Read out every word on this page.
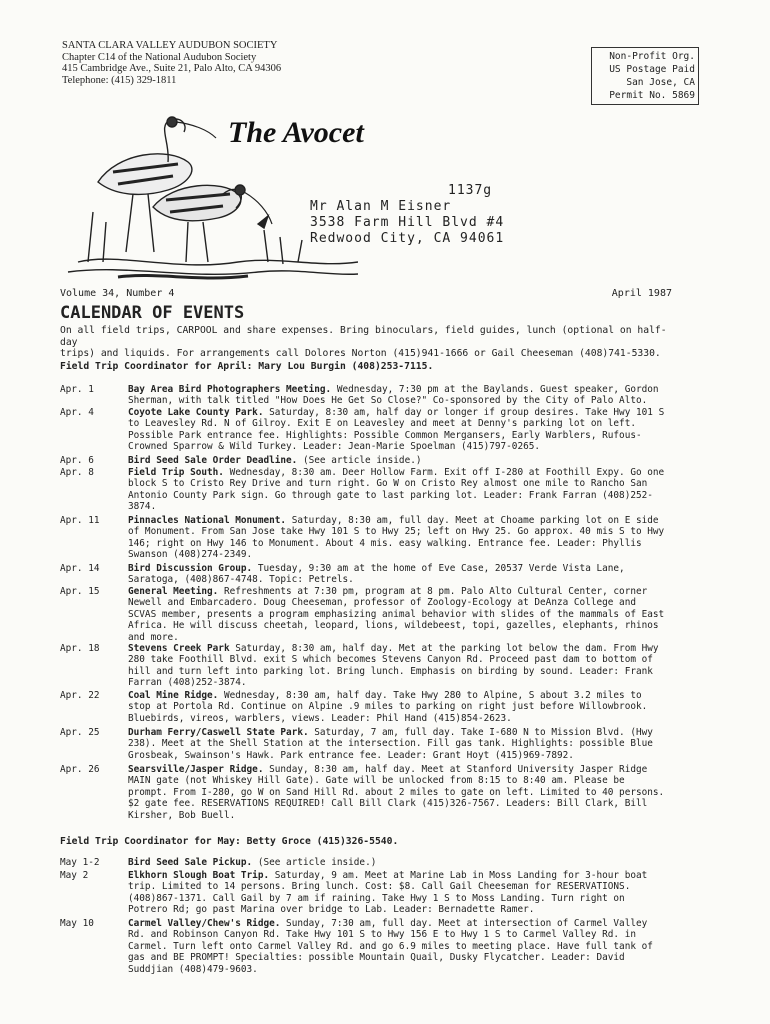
SANTA CLARA VALLEY AUDUBON SOCIETY
Chapter C14 of the National Audubon Society
415 Cambridge Ave., Suite 21, Palo Alto, CA 94306
Telephone: (415) 329-1811
Non-Profit Org.
US Postage Paid
San Jose, CA
Permit No. 5869
The Avocet
1137g
Mr Alan M Eisner
3538 Farm Hill Blvd #4
Redwood City, CA 94061
Volume 34, Number 4	April 1987
CALENDAR OF EVENTS
On all field trips, CARPOOL and share expenses. Bring binoculars, field guides, lunch (optional on half-day
trips) and liquids. For arrangements call Dolores Norton (415)941-1666 or Gail Cheeseman (408)741-5330.
Field Trip Coordinator for April: Mary Lou Burgin (408)253-7115.
Apr. 1	Bay Area Bird Photographers Meeting. Wednesday, 7:30 pm at the Baylands. Guest speaker, Gordon
Sherman, with talk titled "How Does He Get So Close?" Co-sponsored by the City of Palo Alto.
Apr. 4	Coyote Lake County Park. Saturday, 8:30 am, half day or longer if group desires. Take Hwy 101 S
to Leavesley Rd. N of Gilroy. Exit E on Leavesley and meet at Denny's parking lot on left.
Possible Park entrance fee. Highlights: Possible Common Mergansers, Early Warblers, Rufous-
Crowned Sparrow & Wild Turkey. Leader: Jean-Marie Spoelman (415)797-0265.
Apr. 6	Bird Seed Sale Order Deadline. (See article inside.)
Apr. 8	Field Trip South. Wednesday, 8:30 am. Deer Hollow Farm. Exit off I-280 at Foothill Expy. Go one
block S to Cristo Rey Drive and turn right. Go W on Cristo Rey almost one mile to Rancho San
Antonio County Park sign. Go through gate to last parking lot. Leader: Frank Farran (408)252-
3874.
Apr. 11	Pinnacles National Monument. Saturday, 8:30 am, full day. Meet at Choame parking lot on E side
of Monument. From San Jose take Hwy 101 S to Hwy 25; left on Hwy 25. Go approx. 40 mis S to Hwy
146; right on Hwy 146 to Monument. About 4 mis. easy walking. Entrance fee. Leader: Phyllis
Swanson (408)274-2349.
Apr. 14	Bird Discussion Group. Tuesday, 9:30 am at the home of Eve Case, 20537 Verde Vista Lane,
Saratoga, (408)867-4748. Topic: Petrels.
Apr. 15	General Meeting. Refreshments at 7:30 pm, program at 8 pm. Palo Alto Cultural Center, corner
Newell and Embarcadero. Doug Cheeseman, professor of Zoology-Ecology at DeAnza College and
SCVAS member, presents a program emphasizing animal behavior with slides of the mammals of East
Africa. He will discuss cheetah, leopard, lions, wildebeest, topi, gazelles, elephants, rhinos
and more.
Apr. 18	Stevens Creek Park Saturday, 8:30 am, half day. Met at the parking lot below the dam. From Hwy
280 take Foothill Blvd. exit S which becomes Stevens Canyon Rd. Proceed past dam to bottom of
hill and turn left into parking lot. Bring lunch. Emphasis on birding by sound. Leader: Frank
Farran (408)252-3874.
Apr. 22	Coal Mine Ridge. Wednesday, 8:30 am, half day. Take Hwy 280 to Alpine, S about 3.2 miles to
stop at Portola Rd. Continue on Alpine .9 miles to parking on right just before Willowbrook.
Bluebirds, vireos, warblers, views. Leader: Phil Hand (415)854-2623.
Apr. 25	Durham Ferry/Caswell State Park. Saturday, 7 am, full day. Take I-680 N to Mission Blvd. (Hwy
238). Meet at the Shell Station at the intersection. Fill gas tank. Highlights: possible Blue
Grosbeak, Swainson's Hawk. Park entrance fee. Leader: Grant Hoyt (415)969-7892.
Apr. 26	Searsville/Jasper Ridge. Sunday, 8:30 am, half day. Meet at Stanford University Jasper Ridge
MAIN gate (not Whiskey Hill Gate). Gate will be unlocked from 8:15 to 8:40 am. Please be
prompt. From I-280, go W on Sand Hill Rd. about 2 miles to gate on left. Limited to 40 persons.
$2 gate fee. RESERVATIONS REQUIRED! Call Bill Clark (415)326-7567. Leaders: Bill Clark, Bill
Kirsher, Bob Buell.
Field Trip Coordinator for May: Betty Groce (415)326-5540.
May 1-2	Bird Seed Sale Pickup. (See article inside.)
May 2	Elkhorn Slough Boat Trip. Saturday, 9 am. Meet at Marine Lab in Moss Landing for 3-hour boat
trip. Limited to 14 persons. Bring lunch. Cost: $8. Call Gail Cheeseman for RESERVATIONS.
(408)867-1371. Call Gail by 7 am if raining. Take Hwy 1 S to Moss Landing. Turn right on
Potrero Rd; go past Marina over bridge to Lab. Leader: Bernadette Ramer.
May 10	Carmel Valley/Chew's Ridge. Sunday, 7:30 am, full day. Meet at intersection of Carmel Valley
Rd. and Robinson Canyon Rd. Take Hwy 101 S to Hwy 156 E to Hwy 1 S to Carmel Valley Rd. in
Carmel. Turn left onto Carmel Valley Rd. and go 6.9 miles to meeting place. Have full tank of
gas and BE PROMPT! Specialties: possible Mountain Quail, Dusky Flycatcher. Leader: David
Suddjian (408)479-9603.
